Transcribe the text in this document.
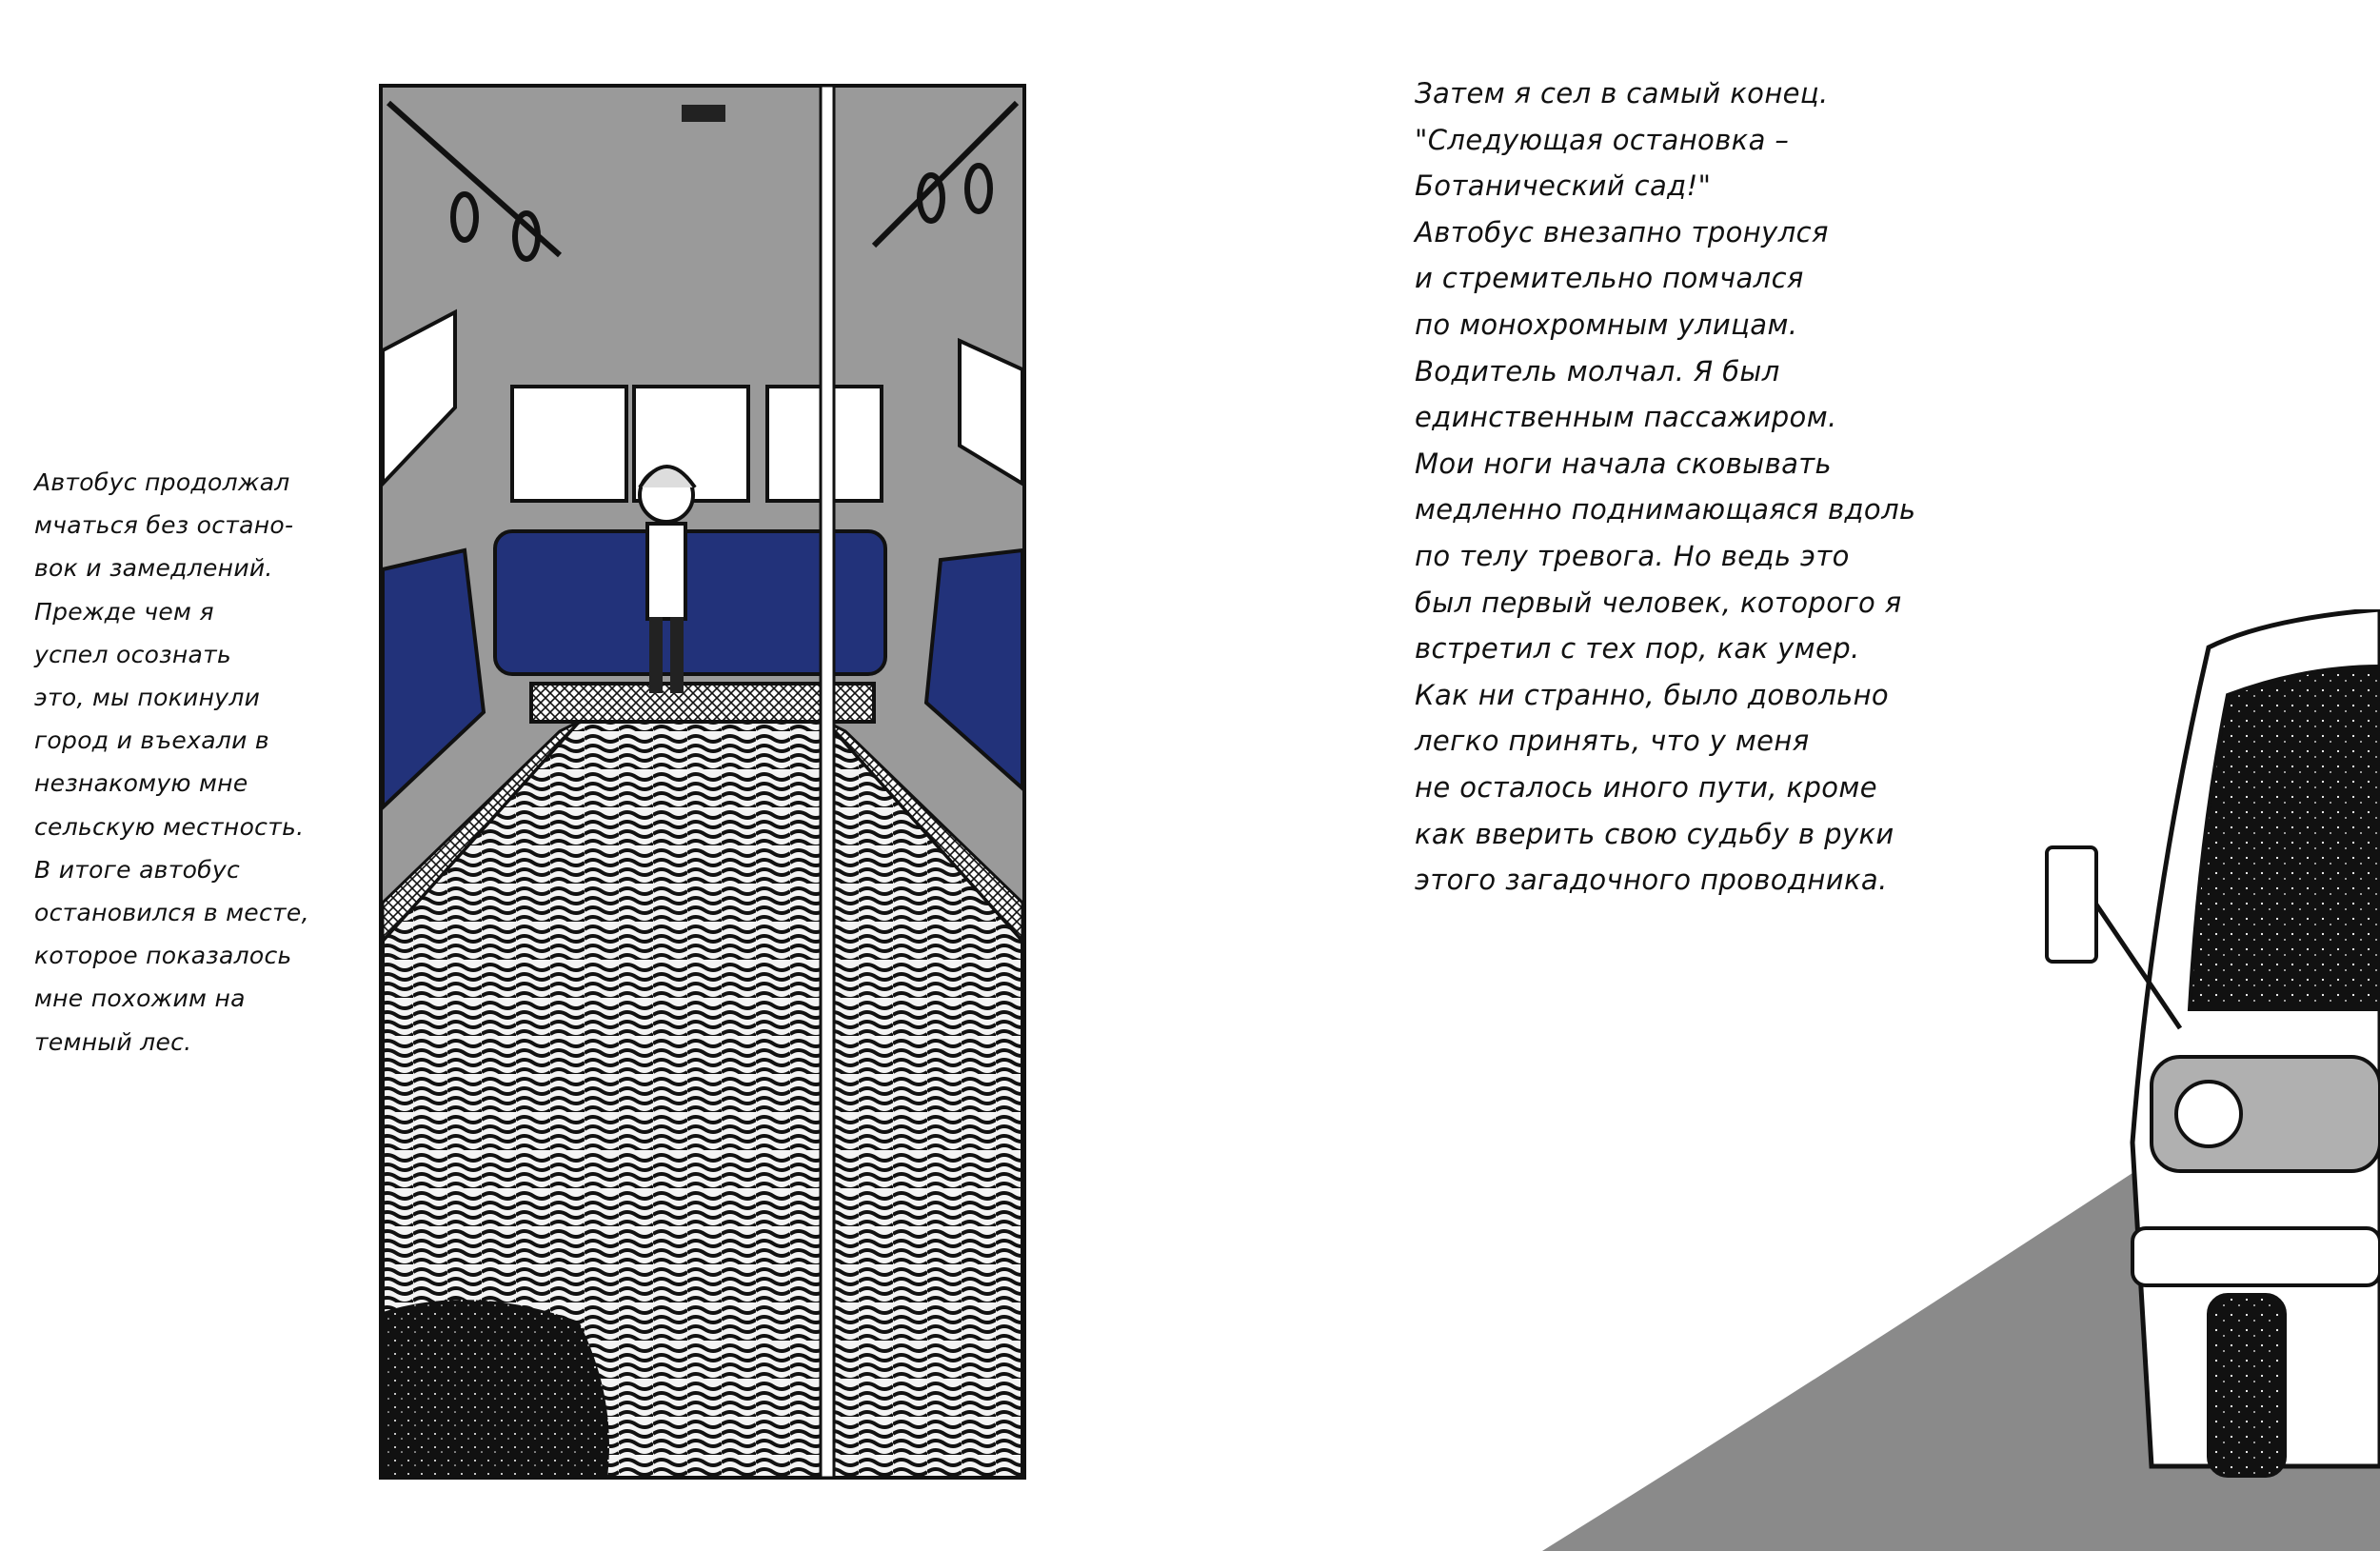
Автобус продолжал
мчаться без остано-
вок и замедлений.
Прежде чем я
успел осознать
это, мы покинули
город и въехали в
незнакомую мне
сельскую местность.
В итоге автобус
остановился в месте,
которое показалось
мне похожим на
темный лес.
Затем я сел в самый конец.
"Следующая остановка –
Ботанический сад!"
Автобус внезапно тронулся
и стремительно помчался
по монохромным улицам.
Водитель молчал. Я был
единственным пассажиром.
Мои ноги начала сковывать
медленно поднимающаяся вдоль
по телу тревога. Но ведь это
был первый человек, которого я
встретил с тех пор, как умер.
Как ни странно, было довольно
легко принять, что у меня
не осталось иного пути, кроме
как вверить свою судьбу в руки
этого загадочного проводника.
